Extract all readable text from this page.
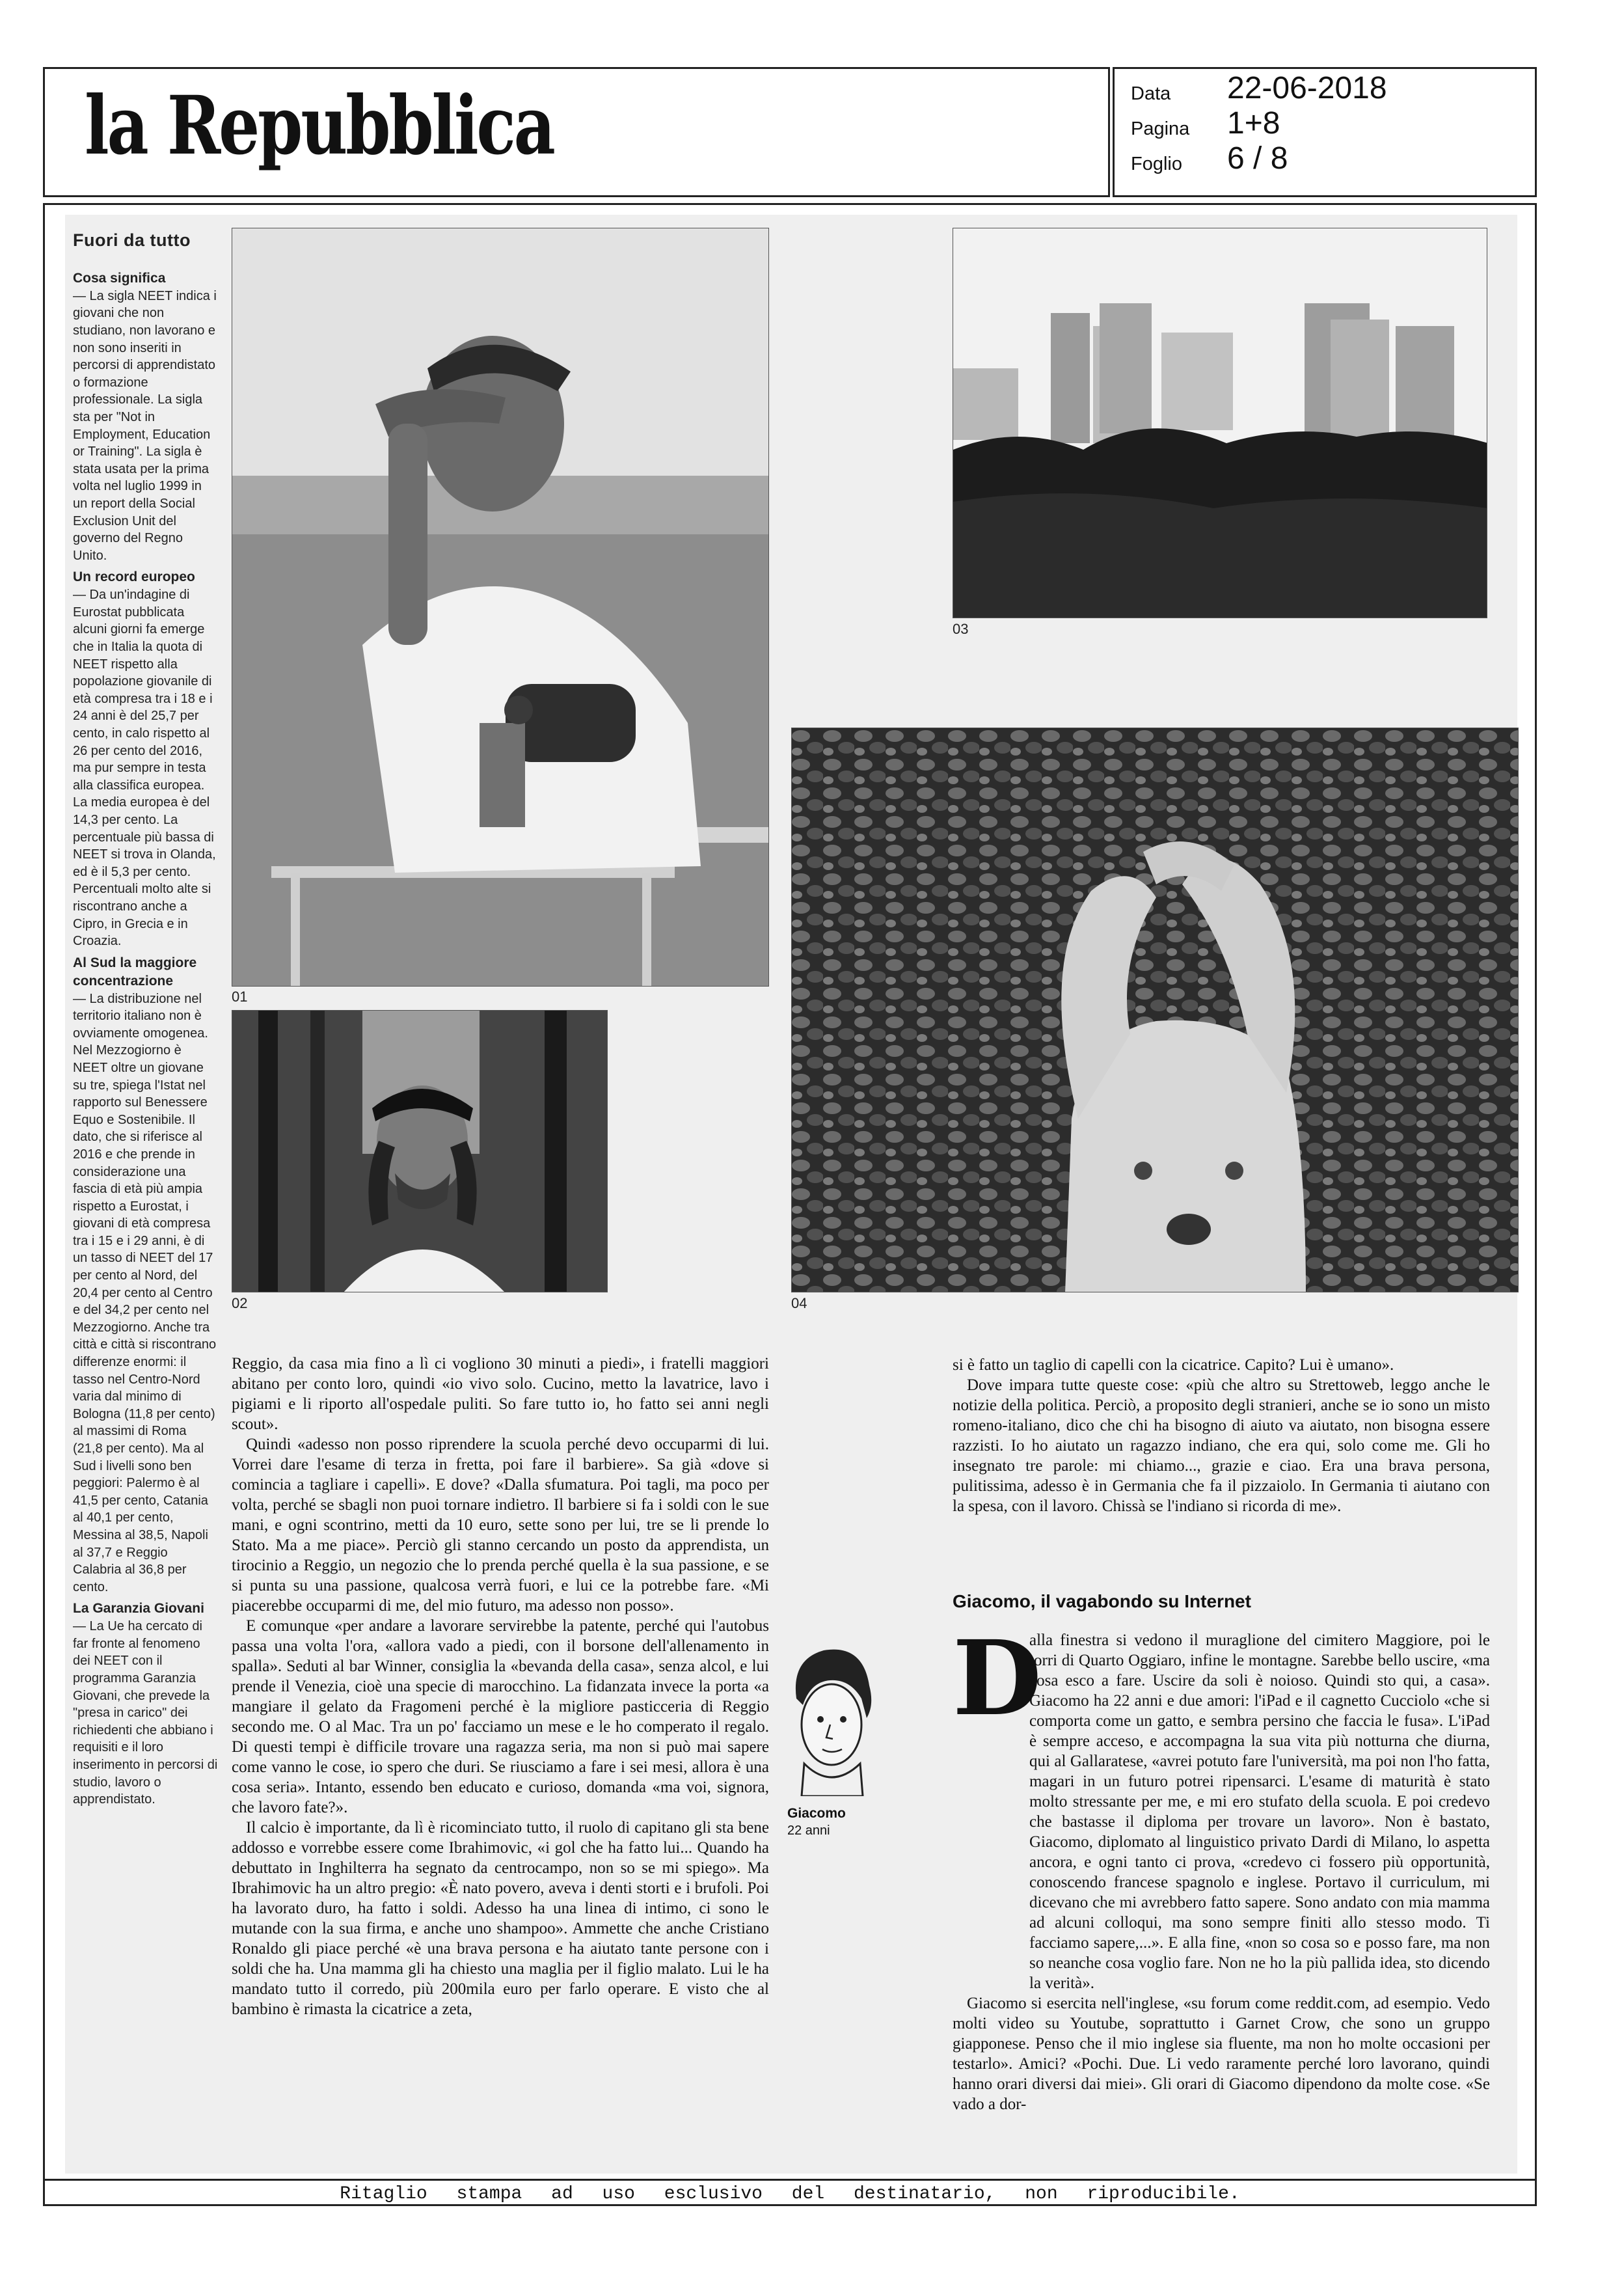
la Repubblica	Data 22-06-2018
Pagina 1+8
Foglio 6 / 8
Fuori da tutto
Cosa significa

— La sigla NEET indica i giovani che non studiano, non lavorano e non sono inseriti in percorsi di apprendistato o formazione professionale. La sigla sta per "Not in Employment, Education or Training". La sigla è stata usata per la prima volta nel luglio 1999 in un report della Social Exclusion Unit del governo del Regno Unito.

Un record europeo

— Da un'indagine di Eurostat pubblicata alcuni giorni fa emerge che in Italia la quota di NEET rispetto alla popolazione giovanile di età compresa tra i 18 e i 24 anni è del 25,7 per cento, in calo rispetto al 26 per cento del 2016, ma pur sempre in testa alla classifica europea. La media europea è del 14,3 per cento. La percentuale più bassa di NEET si trova in Olanda, ed è il 5,3 per cento. Percentuali molto alte si riscontrano anche a Cipro, in Grecia e in Croazia.

Al Sud la maggiore concentrazione

— La distribuzione nel territorio italiano non è ovviamente omogenea. Nel Mezzogiorno è NEET oltre un giovane su tre, spiega l'Istat nel rapporto sul Benessere Equo e Sostenibile. Il dato, che si riferisce al 2016 e che prende in considerazione una fascia di età più ampia rispetto a Eurostat, i giovani di età compresa tra i 15 e i 29 anni, è di un tasso di NEET del 17 per cento al Nord, del 20,4 per cento al Centro e del 34,2 per cento nel Mezzogiorno. Anche tra città e città si riscontrano differenze enormi: il tasso nel Centro-Nord varia dal minimo di Bologna (11,8 per cento) al massimi di Roma (21,8 per cento). Ma al Sud i livelli sono ben peggiori: Palermo è al 41,5 per cento, Catania al 40,1 per cento, Messina al 38,5, Napoli al 37,7 e Reggio Calabria al 36,8 per cento.

La Garanzia Giovani

— La Ue ha cercato di far fronte al fenomeno dei NEET con il programma Garanzia Giovani, che prevede la "presa in carico" dei richiedenti che abbiano i requisiti e il loro inserimento in percorsi di studio, lavoro o apprendistato.

01
02
03
04

Reggio, da casa mia fino a lì ci vogliono 30 minuti a piedi», i fratelli maggiori abitano per conto loro, quindi «io vivo solo. Cucino, metto la lavatrice, lavo i pigiami e li riporto all'ospedale puliti. So fare tutto io, ho fatto sei anni negli scout».

Quindi «adesso non posso riprendere la scuola perché devo occuparmi di lui. Vorrei dare l'esame di terza in fretta, poi fare il barbiere». Sa già «dove si comincia a tagliare i capelli». E dove? «Dalla sfumatura. Poi tagli, ma poco per volta, perché se sbagli non puoi tornare indietro. Il barbiere si fa i soldi con le sue mani, e ogni scontrino, metti da 10 euro, sette sono per lui, tre se li prende lo Stato. Ma a me piace». Perciò gli stanno cercando un posto da apprendista, un tirocinio a Reggio, un negozio che lo prenda perché quella è la sua passione, e se si punta su una passione, qualcosa verrà fuori, e lui ce la potrebbe fare. «Mi piacerebbe occuparmi di me, del mio futuro, ma adesso non posso».

E comunque «per andare a lavorare servirebbe la patente, perché qui l'autobus passa una volta l'ora, «allora vado a piedi, con il borsone dell'allenamento in spalla». Seduti al bar Winner, consiglia la «bevanda della casa», senza alcol, e lui prende il Venezia, cioè una specie di marocchino. La fidanzata invece la porta «a mangiare il gelato da Fragomeni perché è la migliore pasticceria di Reggio secondo me. O al Mac. Tra un po' facciamo un mese e le ho comperato il regalo. Di questi tempi è difficile trovare una ragazza seria, ma non si può mai sapere come vanno le cose, io spero che duri. Se riusciamo a fare i sei mesi, allora è una cosa seria». Intanto, essendo ben educato e curioso, domanda «ma voi, signora, che lavoro fate?».

Il calcio è importante, da lì è ricominciato tutto, il ruolo di capitano gli sta bene addosso e vorrebbe essere come Ibrahimovic, «i gol che ha fatto lui... Quando ha debuttato in Inghilterra ha segnato da centrocampo, non so se mi spiego». Ma Ibrahimovic ha un altro pregio: «È nato povero, aveva i denti storti e i brufoli. Poi ha lavorato duro, ha fatto i soldi. Adesso ha una linea di intimo, ci sono le mutande con la sua firma, e anche uno shampoo». Ammette che anche Cristiano Ronaldo gli piace perché «è una brava persona e ha aiutato tante persone con i soldi che ha. Una mamma gli ha chiesto una maglia per il figlio malato. Lui le ha mandato tutto il corredo, più 200mila euro per farlo operare. E visto che al bambino è rimasta la cicatrice a zeta,

si è fatto un taglio di capelli con la cicatrice. Capito? Lui è umano».

Dove impara tutte queste cose: «più che altro su Strettoweb, leggo anche le notizie della politica. Perciò, a proposito degli stranieri, anche se io sono un misto romeno-italiano, dico che chi ha bisogno di aiuto va aiutato, non bisogna essere razzisti. Io ho aiutato un ragazzo indiano, che era qui, solo come me. Gli ho insegnato tre parole: mi chiamo..., grazie e ciao. Era una brava persona, pulitissima, adesso è in Germania che fa il pizzaiolo. In Germania ti aiutano con la spesa, con il lavoro. Chissà se l'indiano si ricorda di me».

Giacomo, il vagabondo su Internet
D

alla finestra si vedono il muraglione del cimitero Maggiore, poi le torri di Quarto Oggiaro, infine le montagne. Sarebbe bello uscire, «ma cosa esco a fare. Uscire da soli è noioso. Quindi sto qui, a casa». Giacomo ha 22 anni e due amori: l'iPad e il cagnetto Cucciolo «che si comporta come un gatto, e sembra persino che faccia le fusa». L'iPad è sempre acceso, e accompagna la sua vita più notturna che diurna, qui al Gallaratese, «avrei potuto fare l'università, ma poi non l'ho fatta, magari in un futuro potrei ripensarci. L'esame di maturità è stato molto stressante per me, e mi ero stufato della scuola. E poi credevo che bastasse il diploma per trovare un lavoro». Non è bastato, Giacomo, diplomato al linguistico privato Dardi di Milano, lo aspetta ancora, e ogni tanto ci prova, «credevo ci fossero più opportunità, conoscendo francese spagnolo e inglese. Portavo il curriculum, mi dicevano che mi avrebbero fatto sapere. Sono andato con mia mamma ad alcuni colloqui, ma sono sempre finiti allo stesso modo. Ti facciamo sapere,...». E alla fine, «non so cosa so e posso fare, ma non so neanche cosa voglio fare. Non ne ho la più pallida idea, sto dicendo la verità».

Giacomo si esercita nell'inglese, «su forum come reddit.com, ad esempio. Vedo molti video su Youtube, soprattutto i Garnet Crow, che sono un gruppo giapponese. Penso che il mio inglese sia fluente, ma non ho molte occasioni per testarlo». Amici? «Pochi. Due. Li vedo raramente perché loro lavorano, quindi hanno orari diversi dai miei». Gli orari di Giacomo dipendono da molte cose. «Se vado a dor-

Giacomo
22 anni
Ritaglio stampa ad uso esclusivo del destinatario, non riproducibile.
